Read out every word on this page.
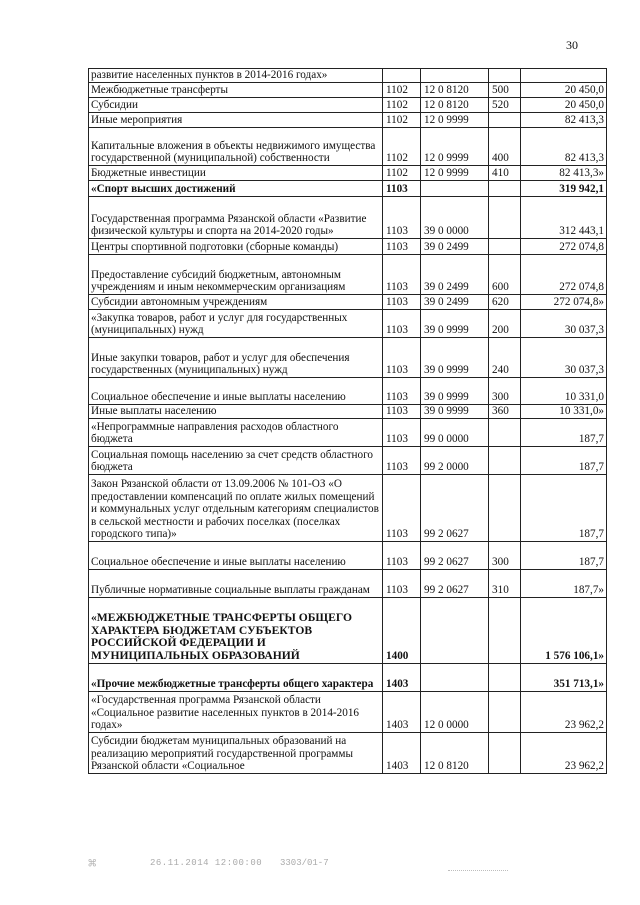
30
развитие населенных пунктов в 2014-2016 годах»				
Межбюджетные трансферты	1102	12 0 8120	500	20 450,0
Субсидии	1102	12 0 8120	520	20 450,0
Иные мероприятия	1102	12 0 9999		82 413,3
Капитальные вложения в объекты недвижимого имущества государственной (муниципальной) собственности	1102	12 0 9999	400	82 413,3
Бюджетные инвестиции	1102	12 0 9999	410	82 413,3»
«Спорт высших достижений	1103			319 942,1
Государственная программа Рязанской области «Развитие физической культуры и спорта на 2014-2020 годы»	1103	39 0 0000		312 443,1
Центры спортивной подготовки (сборные команды)	1103	39 0 2499		272 074,8
Предоставление субсидий бюджетным, автономным учреждениям и иным некоммерческим организациям	1103	39 0 2499	600	272 074,8
Субсидии автономным учреждениям	1103	39 0 2499	620	272 074,8»
«Закупка товаров, работ и услуг для государственных (муниципальных) нужд	1103	39 0 9999	200	30 037,3
Иные закупки товаров, работ и услуг для обеспечения государственных (муниципальных) нужд	1103	39 0 9999	240	30 037,3
Социальное обеспечение и иные выплаты населению	1103	39 0 9999	300	10 331,0
Иные выплаты населению	1103	39 0 9999	360	10 331,0»
«Непрограммные направления расходов областного бюджета	1103	99 0 0000		187,7
Социальная помощь населению за счет средств областного бюджета	1103	99 2 0000		187,7
Закон Рязанской области от 13.09.2006 № 101-ОЗ «О предоставлении компенсаций по оплате жилых помещений и коммунальных услуг отдельным категориям специалистов в сельской местности и рабочих поселках (поселках городского типа)»	1103	99 2 0627		187,7
Социальное обеспечение и иные выплаты населению	1103	99 2 0627	300	187,7
Публичные нормативные социальные выплаты гражданам	1103	99 2 0627	310	187,7»
«МЕЖБЮДЖЕТНЫЕ ТРАНСФЕРТЫ ОБЩЕГО ХАРАКТЕРА БЮДЖЕТАМ СУБЪЕКТОВ РОССИЙСКОЙ ФЕДЕРАЦИИ И МУНИЦИПАЛЬНЫХ ОБРАЗОВАНИЙ	1400			1 576 106,1»
«Прочие межбюджетные трансферты общего характера	1403			351 713,1»
«Государственная программа Рязанской области «Социальное развитие населенных пунктов в 2014-2016 годах»	1403	12 0 0000		23 962,2
Субсидии бюджетам муниципальных образований на реализацию мероприятий государственной программы Рязанской области «Социальное	1403	12 0 8120		23 962,2
⌘	26.11.2014 12:00:00 3303/01-7
